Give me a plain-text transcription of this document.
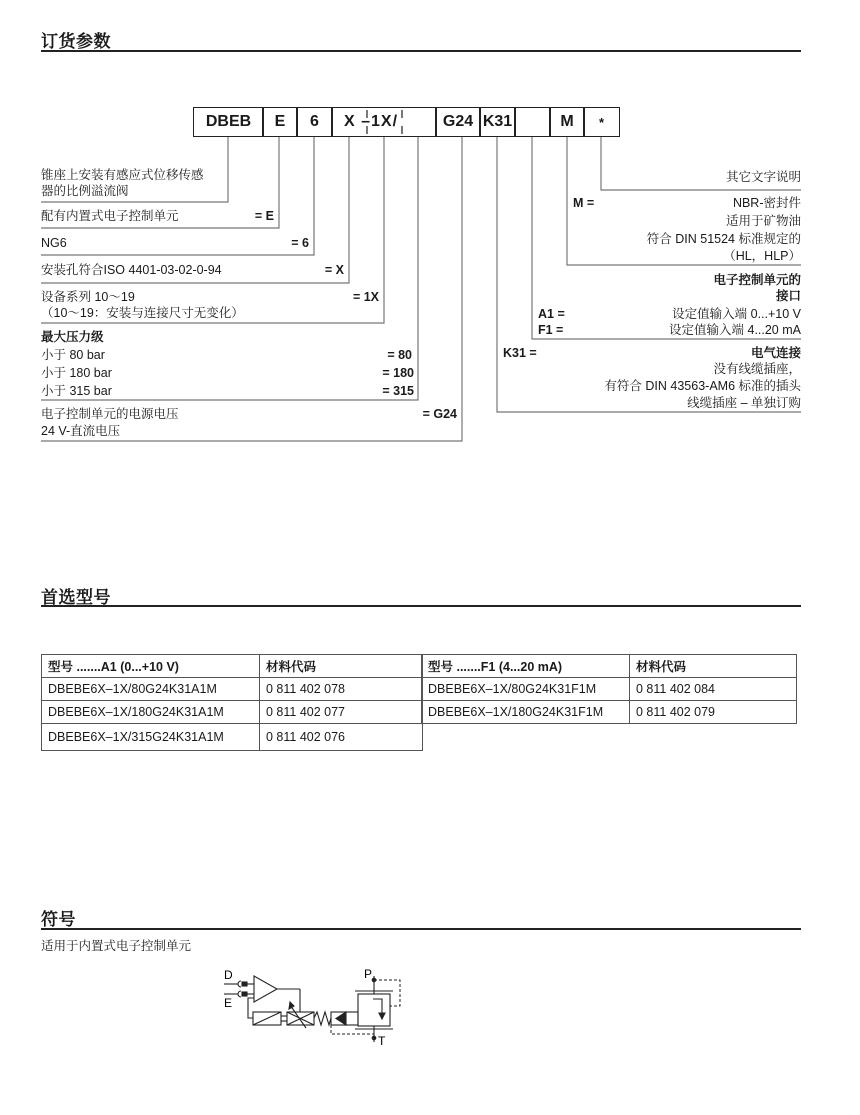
订货参数
DBEB	E	6	X –1X/	G24 K31	M	*
锥座上安装有感应式位移传感
器的比例溢流阀
配有内置式电子控制单元	= E
NG6	= 6
安装孔符合ISO 4401-03-02-0-94	= X
设备系列 10～19
（10～19：安装与连接尺寸无变化）
= 1X
最大压力级
小于 80 bar	= 80
小于 180 bar	= 180
小于 315 bar	= 315
电子控制单元的电源电压
24 V-直流电压
= G24
其它文字说明
M =	NBR-密封件
适用于矿物油
符合 DIN 51524 标准规定的
（HL，HLP）
电子控制单元的
接口
A1 =	设定值输入端 0...+10 V
F1 =	设定值输入端 4...20 mA
K31 =	电气连接
没有线缆插座，
有符合 DIN 43563-AM6 标准的插头
线缆插座 – 单独订购
首选型号
型号 .......A1 (0...+10 V)	材料代码
DBEBE6X–1X/80G24K31A1M	0 811 402 078
DBEBE6X–1X/180G24K31A1M	0 811 402 077
DBEBE6X–1X/315G24K31A1M	0 811 402 076
型号 .......F1 (4...20 mA)	材料代码
DBEBE6X–1X/80G24K31F1M	0 811 402 084
DBEBE6X–1X/180G24K31F1M	0 811 402 079
符号
适用于内置式电子控制单元
D
E
P
T
